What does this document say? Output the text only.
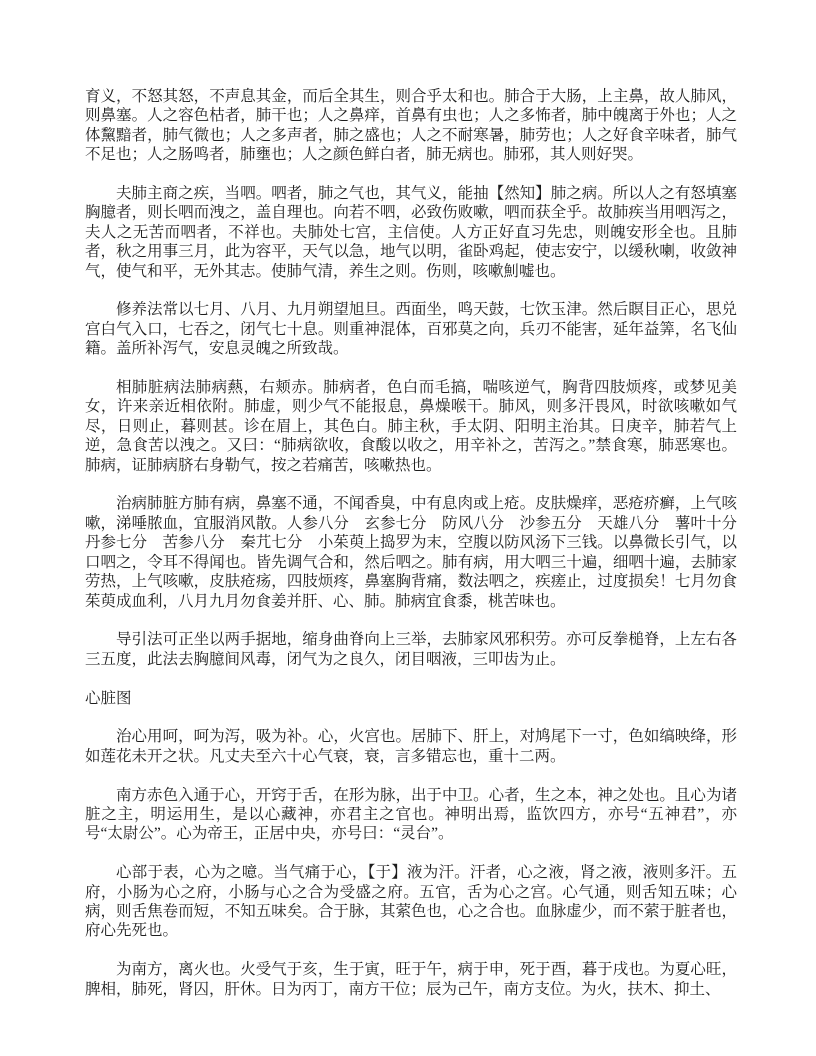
育义，不怒其怒，不声息其金，而后全其生，则合乎太和也。肺合于大肠，上主鼻，故人肺风，则鼻塞。人之容色枯者，肺干也；人之鼻痒，首鼻有虫也；人之多怖者，肺中魄离于外也；人之体黧黯者，肺气微也；人之多声者，肺之盛也；人之不耐寒暑，肺劳也；人之好食辛味者，肺气不足也；人之肠鸣者，肺壅也；人之颜色鲜白者，肺无病也。肺邪，其人则好哭。

夫肺主商之疾，当呬。呬者，肺之气也，其气义，能抽【然知】肺之病。所以人之有怒填塞胸臆者，则长呬而洩之，盖自理也。向若不呬，必致伤败嗽，呬而获全乎。故肺疾当用呬泻之，夫人之无苦而呬者，不祥也。夫肺处七宫，主信使。人方正好直习先忠，则魄安形全也。且肺者，秋之用事三月，此为容平，天气以急，地气以明，雀卧鸡起，使志安宁，以缓秋喇，收敛神气，使气和平，无外其志。使肺气清，养生之则。伤则，咳嗽魝嘘也。

修养法常以七月、八月、九月朔望旭旦。西面坐，鸣天鼓，七饮玉津。然后瞑目正心，思兑宫白气入口，七吞之，闭气七十息。则重神混体，百邪莫之向，兵刃不能害，延年益筭，名飞仙籍。盖所补泻气，安息灵魄之所致哉。

相肺脏病法肺病爇，右颊赤。肺病者，色白而毛搞，喘咳逆气，胸背四肢烦疼，或梦见美女，许来亲近相依附。肺虚，则少气不能报息，鼻燥喉干。肺风，则多汗畏风，时欲咳嗽如气尽，日则止，暮则甚。诊在眉上，其色白。肺主秋，手太阴、阳明主治其。日庚辛，肺若气上逆，急食苦以洩之。又曰：“肺病欲收，食酸以收之，用辛补之，苦泻之。”禁食寒，肺恶寒也。肺病，证肺病脐右身勒气，按之若痛苦，咳嗽热也。

治病肺脏方肺有病，鼻塞不通，不闻香臭，中有息肉或上疮。皮肤燥痒，恶疮疥癣，上气咳嗽，涕唾脓血，宜服消风散。人参八分　玄参七分　防风八分　沙参五分　天雄八分　薯叶十分　丹参七分　苦参八分　秦芁七分　小茱萸上捣罗为末，空腹以防风汤下三钱。以鼻微长引气，以口呬之，令耳不得闻也。皆先调气合和，然后呬之。肺有病，用大呬三十遍，细呬十遍，去肺家劳热，上气咳嗽，皮肤疮疡，四肢烦疼，鼻塞胸背痛，数法呬之，疾瘥止，过度损矣！七月勿食茱萸成血利，八月九月勿食姜并肝、心、肺。肺病宜食黍，桃苦味也。

导引法可正坐以两手据地，缩身曲脊向上三举，去肺家风邪积劳。亦可反拳槌脊，上左右各三五度，此法去胸臆间风毒，闭气为之良久，闭目咽液，三叩齿为止。

心脏图

治心用呵，呵为泻，吸为补。心，火宫也。居肺下、肝上，对鸠尾下一寸，色如缟映绛，形如莲花未开之状。凡丈夫至六十心气衰，衰，言多错忘也，重十二两。

南方赤色入通于心，开窍于舌，在形为脉，出于中卫。心者，生之本，神之处也。且心为诸脏之主，明运用生，是以心藏神，亦君主之官也。神明出焉，监饮四方，亦号“五神君”，亦号“太尉公”。心为帝王，正居中央，亦号曰：“灵台”。

心部于表，心为之噫。当气痛于心，【于】液为汗。汗者，心之液，肾之液，液则多汗。五府，小肠为心之府，小肠与心之合为受盛之府。五官，舌为心之宫。心气通，则舌知五味；心病，则舌焦卷而短，不知五味矣。合于脉，其萦色也，心之合也。血脉虚少，而不萦于脏者也，府心先死也。

为南方，离火也。火受气于亥，生于寅，旺于午，病于申，死于酉，暮于戌也。为夏心旺，脾相，肺死，肾囚，肝休。日为丙丁，南方干位；辰为己午，南方支位。为火，扶木、抑土、
